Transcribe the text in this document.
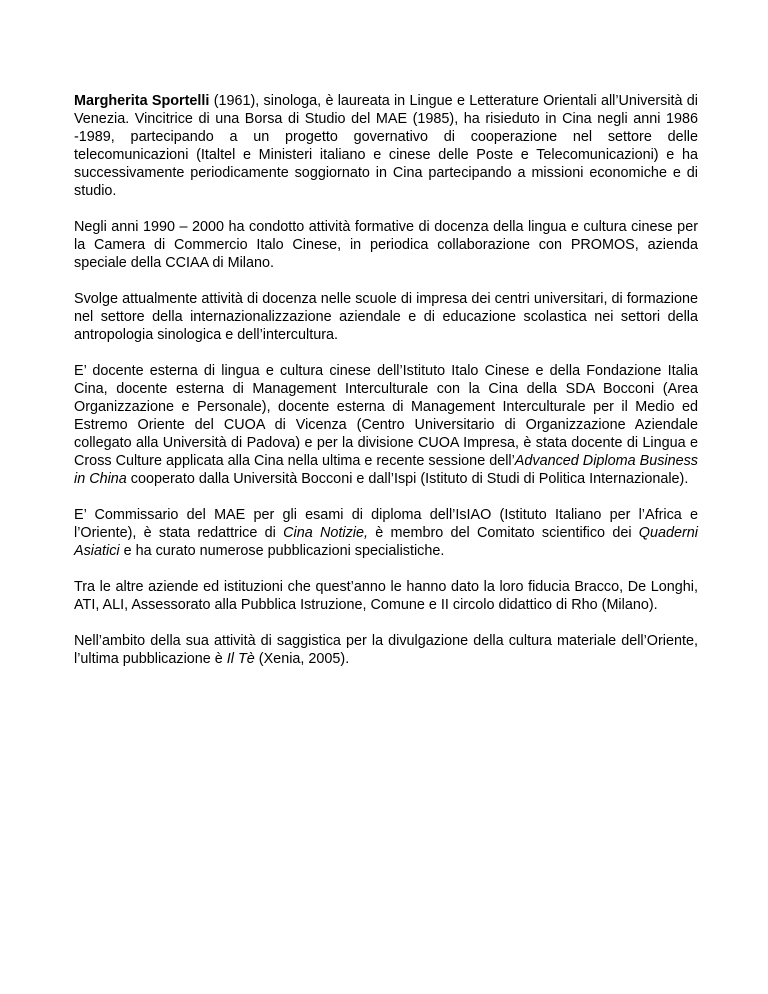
Margherita Sportelli (1961), sinologa, è laureata in Lingue e Letterature Orientali all’Università di Venezia. Vincitrice di una Borsa di Studio del MAE (1985), ha risieduto in Cina negli anni 1986 -1989, partecipando a un progetto governativo di cooperazione nel settore delle telecomunicazioni (Italtel e Ministeri italiano e cinese delle Poste e Telecomunicazioni) e ha successivamente periodicamente soggiornato in Cina partecipando a missioni economiche e di studio.

Negli anni 1990 – 2000 ha condotto attività formative di docenza della lingua e cultura cinese per la Camera di Commercio Italo Cinese, in periodica collaborazione con PROMOS, azienda speciale della CCIAA di Milano.

Svolge attualmente attività di docenza nelle scuole di impresa dei centri universitari, di formazione nel settore della internazionalizzazione aziendale e di educazione scolastica nei settori della antropologia sinologica e dell’intercultura.

E’ docente esterna di lingua e cultura cinese dell’Istituto Italo Cinese e della Fondazione Italia Cina, docente esterna di Management Interculturale con la Cina della SDA Bocconi (Area Organizzazione e Personale), docente esterna di Management Interculturale per il Medio ed Estremo Oriente del CUOA di Vicenza (Centro Universitario di Organizzazione Aziendale collegato alla Università di Padova) e per la divisione CUOA Impresa, è stata docente di Lingua e Cross Culture applicata alla Cina nella ultima e recente sessione dell’Advanced Diploma Business in China cooperato dalla Università Bocconi e dall’Ispi (Istituto di Studi di Politica Internazionale).

E’ Commissario del MAE per gli esami di diploma dell’IsIAO (Istituto Italiano per l’Africa e l’Oriente), è stata redattrice di Cina Notizie, è membro del Comitato scientifico dei Quaderni Asiatici e ha curato numerose pubblicazioni specialistiche.

Tra le altre aziende ed istituzioni che quest’anno le hanno dato la loro fiducia Bracco, De Longhi, ATI, ALI, Assessorato alla Pubblica Istruzione, Comune e II circolo didattico di Rho (Milano).

Nell’ambito della sua attività di saggistica per la divulgazione della cultura materiale dell’Oriente, l’ultima pubblicazione è Il Tè (Xenia, 2005).
